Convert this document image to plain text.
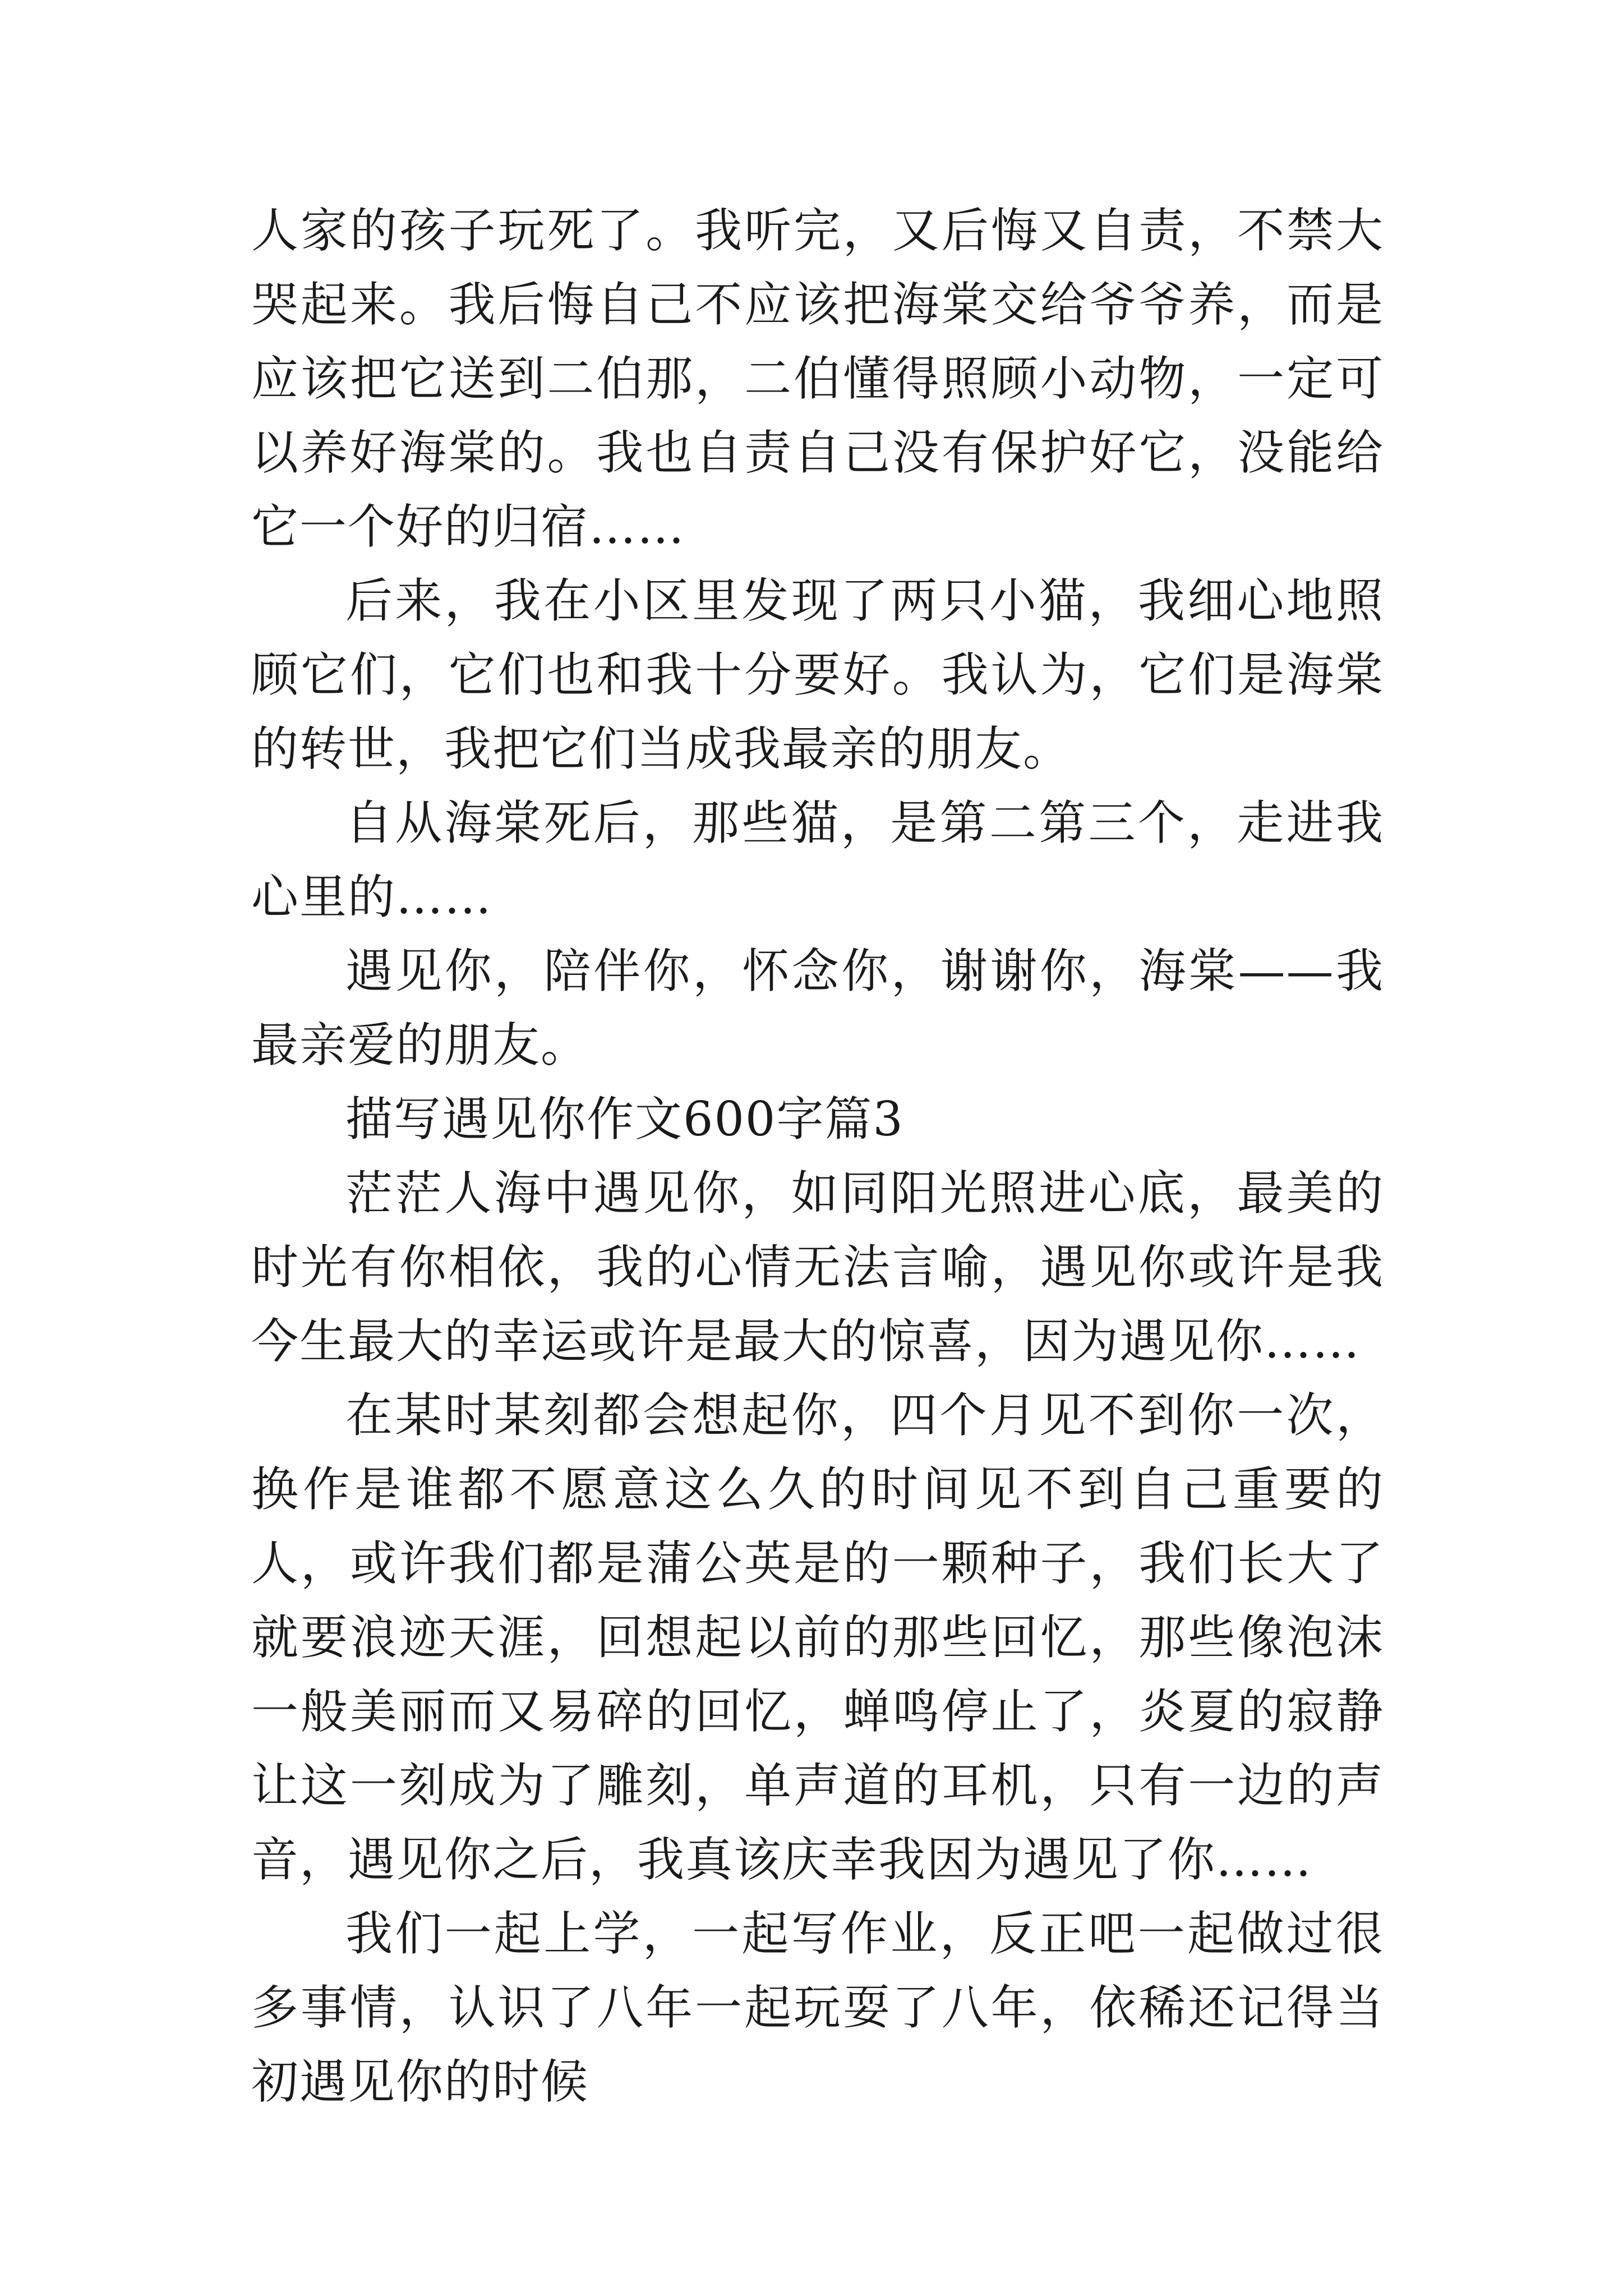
人家的孩子玩死了。我听完，又后悔又自责，不禁大哭起来。我后悔自己不应该把海棠交给爷爷养，而是应该把它送到二伯那，二伯懂得照顾小动物，一定可以养好海棠的。我也自责自己没有保护好它，没能给它一个好的归宿……

后来，我在小区里发现了两只小猫，我细心地照顾它们，它们也和我十分要好。我认为，它们是海棠的转世，我把它们当成我最亲的朋友。

自从海棠死后，那些猫，是第二第三个，走进我心里的……

遇见你，陪伴你，怀念你，谢谢你，海棠——我最亲爱的朋友。

描写遇见你作文600字篇3

茫茫人海中遇见你，如同阳光照进心底，最美的时光有你相依，我的心情无法言喻，遇见你或许是我今生最大的幸运或许是最大的惊喜，因为遇见你……

在某时某刻都会想起你，四个月见不到你一次，换作是谁都不愿意这么久的时间见不到自己重要的人，或许我们都是蒲公英是的一颗种子，我们长大了就要浪迹天涯，回想起以前的那些回忆，那些像泡沫一般美丽而又易碎的回忆，蝉鸣停止了，炎夏的寂静让这一刻成为了雕刻，单声道的耳机，只有一边的声音，遇见你之后，我真该庆幸我因为遇见了你……

我们一起上学，一起写作业，反正吧一起做过很多事情，认识了八年一起玩耍了八年，依稀还记得当初遇见你的时候
